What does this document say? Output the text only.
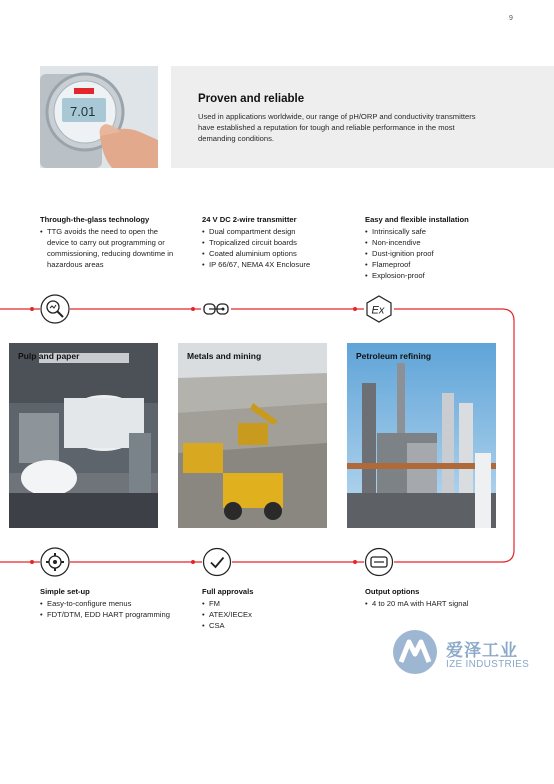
9
7.01
Proven and reliable
Used in applications worldwide, our range of pH/ORP and conductivity transmitters have established a reputation for tough and reliable performance in the most demanding conditions.
Through-the-glass technology
• TTG avoids the need to open the device to carry out programming or commissioning, reducing downtime in hazardous areas
24 V DC 2-wire transmitter
• Dual compartment design
• Tropicalized circuit boards
• Coated aluminium options
• IP 66/67, NEMA 4X Enclosure
Easy and flexible installation
• Intrinsically safe
• Non-incendive
• Dust-ignition proof
• Flameproof
• Explosion-proof
Ex
Pulp and paper	Metals and mining	Petroleum refining
Simple set-up
• Easy-to-configure menus
• FDT/DTM, EDD HART programming
Full approvals
• FM
• ATEX/IECEx
• CSA
Output options
• 4 to 20 mA with HART signal
爱泽工业
IZE INDUSTRIES
